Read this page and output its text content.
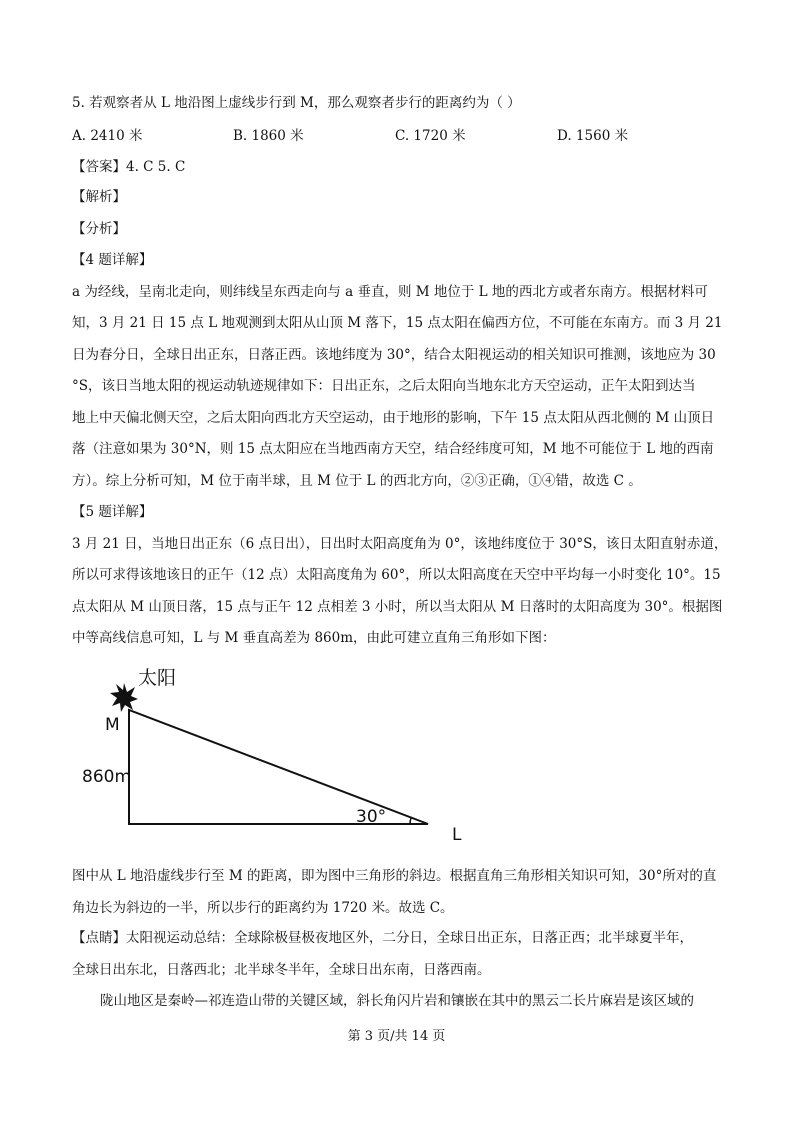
5. 若观察者从 L 地沿图上虚线步行到 M，那么观察者步行的距离约为（ ）
A. 2410 米	B. 1860 米	C. 1720 米	D. 1560 米
【答案】4. C 5. C
【解析】
【分析】
【4 题详解】
a 为经线，呈南北走向，则纬线呈东西走向与 a 垂直，则 M 地位于 L 地的西北方或者东南方。根据材料可
知，3 月 21 日 15 点 L 地观测到太阳从山顶 M 落下，15 点太阳在偏西方位，不可能在东南方。而 3 月 21
日为春分日，全球日出正东，日落正西。该地纬度为 30°，结合太阳视运动的相关知识可推测，该地应为 30
°S，该日当地太阳的视运动轨迹规律如下：日出正东，之后太阳向当地东北方天空运动，正午太阳到达当
地上中天偏北侧天空，之后太阳向西北方天空运动，由于地形的影响，下午 15 点太阳从西北侧的 M 山顶日
落（注意如果为 30°N，则 15 点太阳应在当地西南方天空，结合经纬度可知，M 地不可能位于 L 地的西南
方）。综上分析可知，M 位于南半球，且 M 位于 L 的西北方向，②③正确，①④错，故选 C 。
【5 题详解】
3 月 21 日，当地日出正东（6 点日出），日出时太阳高度角为 0°，该地纬度位于 30°S，该日太阳直射赤道，
所以可求得该地该日的正午（12 点）太阳高度角为 60°，所以太阳高度在天空中平均每一小时变化 10°。15
点太阳从 M 山顶日落，15 点与正午 12 点相差 3 小时，所以当太阳从 M 日落时的太阳高度为 30°。根据图
中等高线信息可知，L 与 M 垂直高差为 860m，由此可建立直角三角形如下图：
太阳
M
860m
30°
L
图中从 L 地沿虚线步行至 M 的距离，即为图中三角形的斜边。根据直角三角形相关知识可知，30°所对的直
角边长为斜边的一半，所以步行的距离约为 1720 米。故选 C。
【点睛】太阳视运动总结：全球除极昼极夜地区外，二分日，全球日出正东，日落正西；北半球夏半年，
全球日出东北，日落西北；北半球冬半年，全球日出东南，日落西南。
陇山地区是秦岭—祁连造山带的关键区域，斜长角闪片岩和镶嵌在其中的黑云二长片麻岩是该区域的
第 3 页/共 14 页
